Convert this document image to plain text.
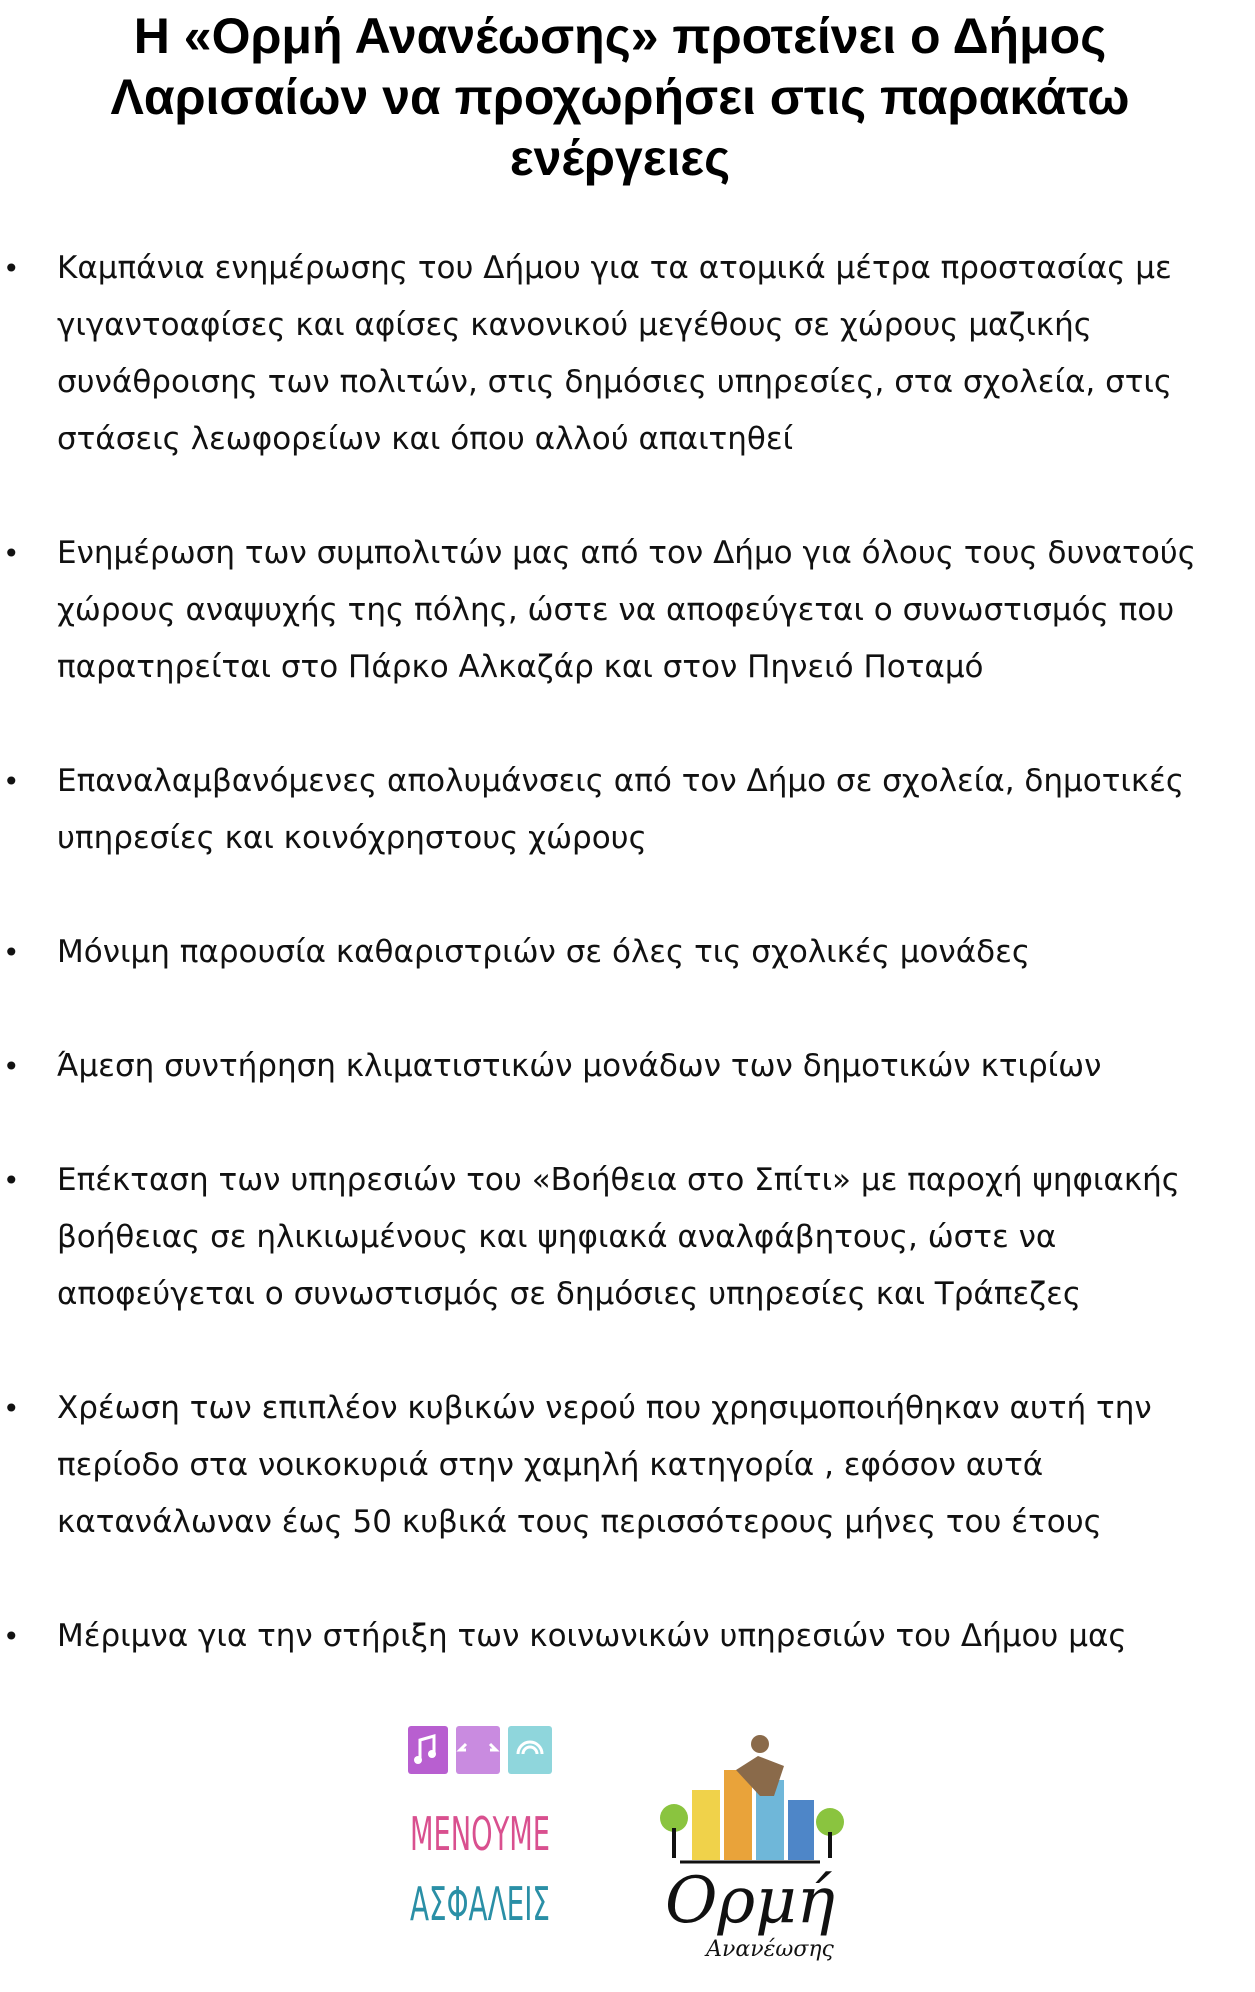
Η «Ορμή Ανανέωσης» προτείνει ο Δήμος Λαρισαίων να προχωρήσει στις παρακάτω ενέργειες
• Καμπάνια ενημέρωσης του Δήμου για τα ατομικά μέτρα προστασίας με γιγαντοαφίσες και αφίσες κανονικού μεγέθους σε χώρους μαζικής συνάθροισης των πολιτών, στις δημόσιες υπηρεσίες, στα σχολεία, στις στάσεις λεωφορείων και όπου αλλού απαιτηθεί
• Ενημέρωση των συμπολιτών μας από τον Δήμο για όλους τους δυνατούς χώρους αναψυχής της πόλης, ώστε να αποφεύγεται ο συνωστισμός που παρατηρείται στο Πάρκο Αλκαζάρ και στον Πηνειό Ποταμό
• Επαναλαμβανόμενες απολυμάνσεις από τον Δήμο σε σχολεία, δημοτικές υπηρεσίες και κοινόχρηστους χώρους
• Μόνιμη παρουσία καθαριστριών σε όλες τις σχολικές μονάδες
• Άμεση συντήρηση κλιματιστικών μονάδων των δημοτικών κτιρίων
• Επέκταση των υπηρεσιών του «Βοήθεια στο Σπίτι» με παροχή ψηφιακής βοήθειας σε ηλικιωμένους και ψηφιακά αναλφάβητους, ώστε να αποφεύγεται ο συνωστισμός σε δημόσιες υπηρεσίες και Τράπεζες
• Χρέωση των επιπλέον κυβικών νερού που χρησιμοποιήθηκαν αυτή την περίοδο στα νοικοκυριά στην χαμηλή κατηγορία , εφόσον αυτά κατανάλωναν έως 50 κυβικά τους περισσότερους μήνες του έτους
• Μέριμνα για την στήριξη των κοινωνικών υπηρεσιών του Δήμου μας
ΜΕΝΟΥΜΕ
ΑΣΦΑΛΕΙΣ Ορμή
Ανανέωσης
